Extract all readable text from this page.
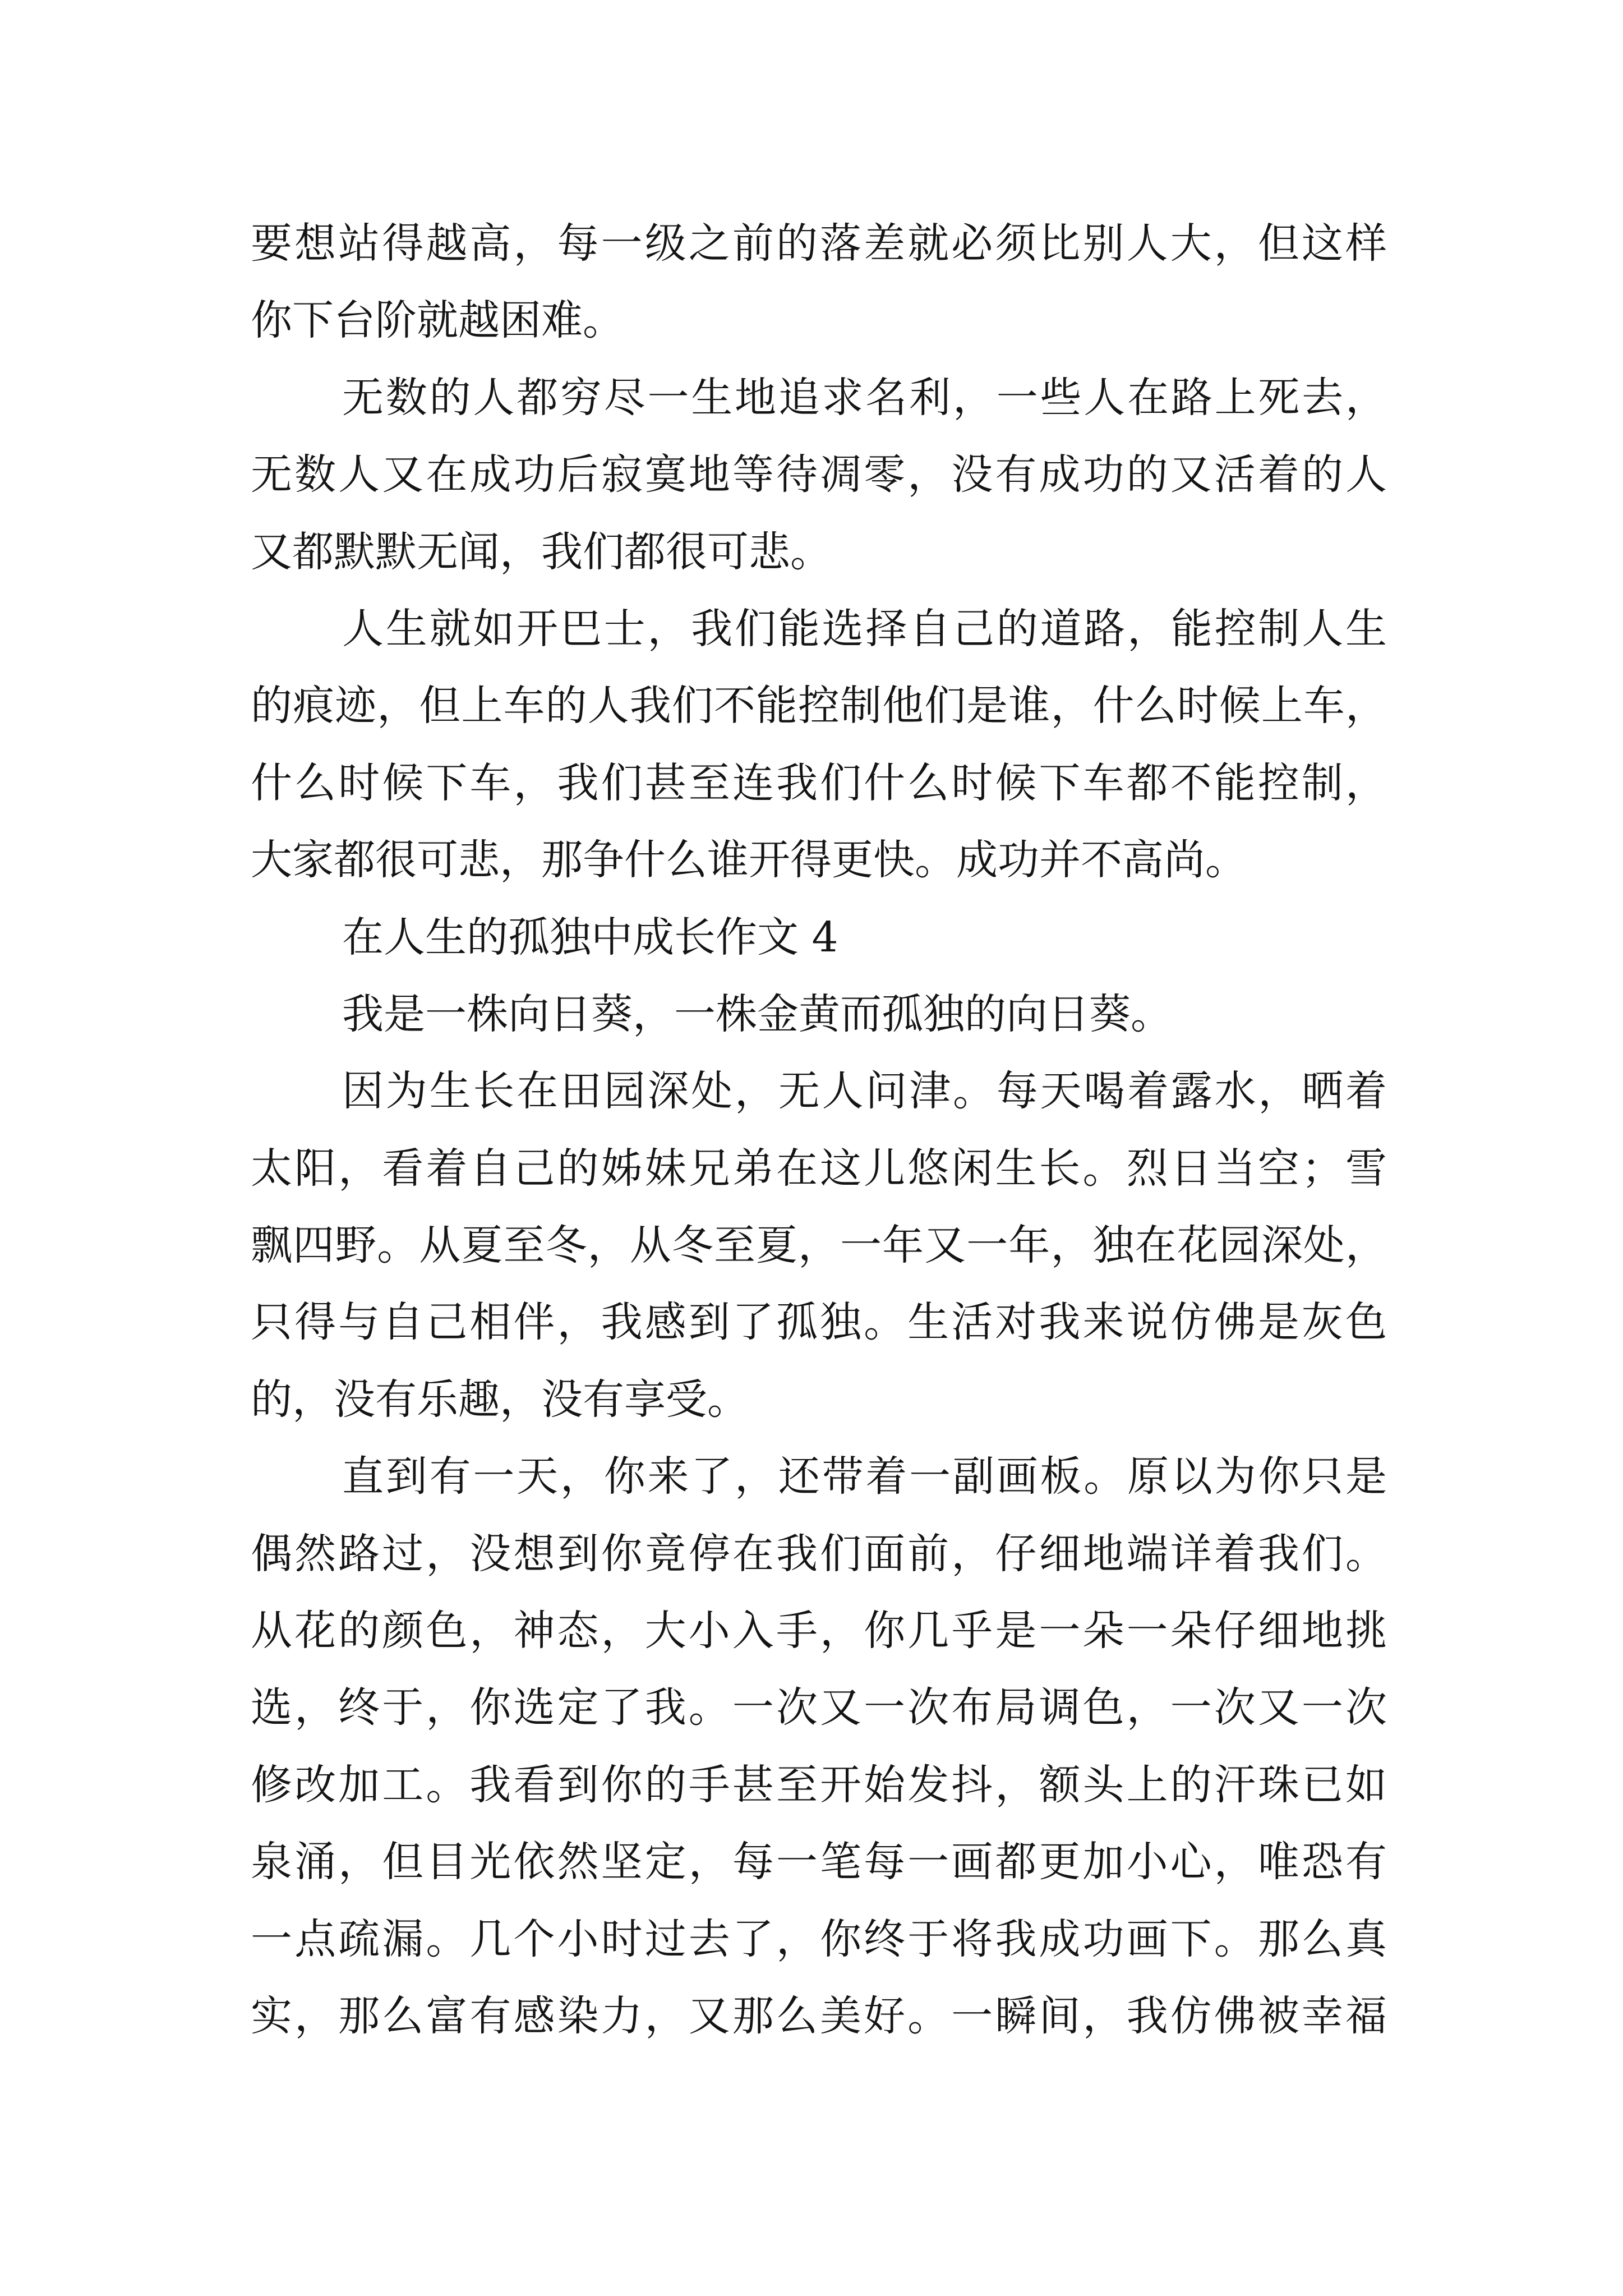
要想站得越高，每一级之前的落差就必须比别人大，但这样
你下台阶就越困难。
无数的人都穷尽一生地追求名利，一些人在路上死去，
无数人又在成功后寂寞地等待凋零，没有成功的又活着的人
又都默默无闻，我们都很可悲。
人生就如开巴士，我们能选择自己的道路，能控制人生
的痕迹，但上车的人我们不能控制他们是谁，什么时候上车，
什么时候下车，我们甚至连我们什么时候下车都不能控制，
大家都很可悲，那争什么谁开得更快。成功并不高尚。
在人生的孤独中成长作文 4
我是一株向日葵，一株金黄而孤独的向日葵。
因为生长在田园深处，无人问津。每天喝着露水，晒着
太阳，看着自己的姊妹兄弟在这儿悠闲生长。烈日当空；雪
飘四野。从夏至冬，从冬至夏，一年又一年，独在花园深处，
只得与自己相伴，我感到了孤独。生活对我来说仿佛是灰色
的，没有乐趣，没有享受。
直到有一天，你来了，还带着一副画板。原以为你只是
偶然路过，没想到你竟停在我们面前，仔细地端详着我们。
从花的颜色，神态，大小入手，你几乎是一朵一朵仔细地挑
选，终于，你选定了我。一次又一次布局调色，一次又一次
修改加工。我看到你的手甚至开始发抖，额头上的汗珠已如
泉涌，但目光依然坚定，每一笔每一画都更加小心，唯恐有
一点疏漏。几个小时过去了，你终于将我成功画下。那么真
实，那么富有感染力，又那么美好。一瞬间，我仿佛被幸福
